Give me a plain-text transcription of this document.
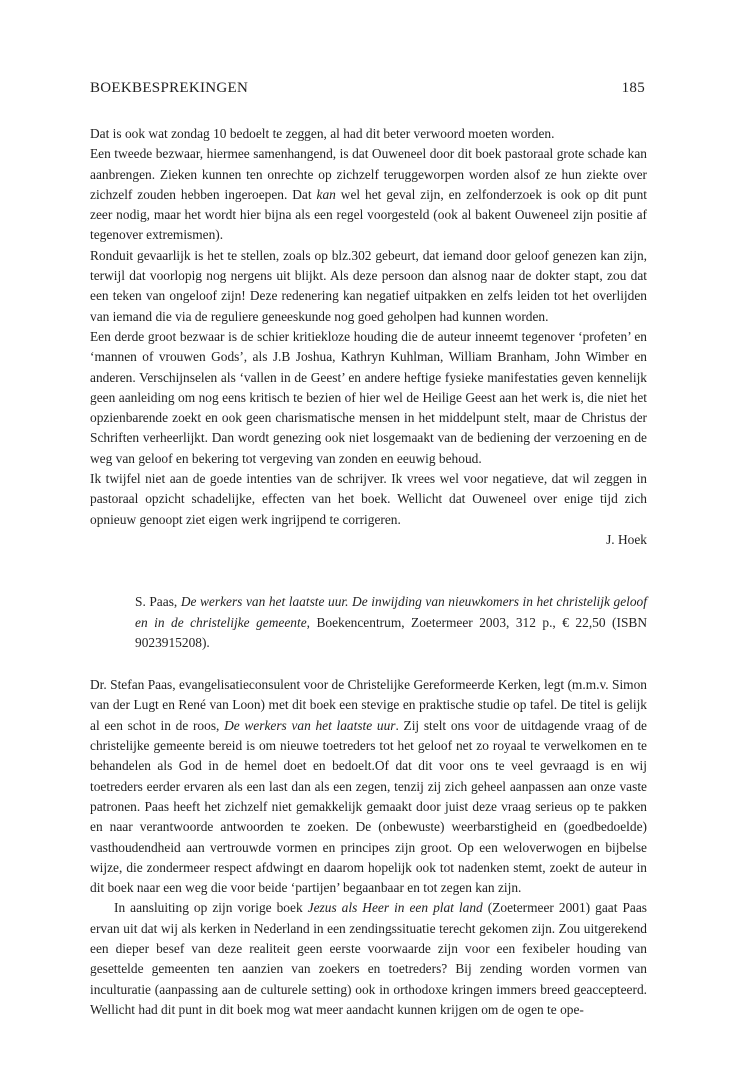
BOEKBESPREKINGEN	185

Dat is ook wat zondag 10 bedoelt te zeggen, al had dit beter verwoord moeten worden.

Een tweede bezwaar, hiermee samenhangend, is dat Ouweneel door dit boek pastoraal grote schade kan aanbrengen. Zieken kunnen ten onrechte op zichzelf teruggeworpen worden alsof ze hun ziekte over zichzelf zouden hebben ingeroepen. Dat kan wel het geval zijn, en zelfonderzoek is ook op dit punt zeer nodig, maar het wordt hier bijna als een regel voorgesteld (ook al bakent Ouweneel zijn positie af tegenover extremismen).

Ronduit gevaarlijk is het te stellen, zoals op blz.302 gebeurt, dat iemand door geloof genezen kan zijn, terwijl dat voorlopig nog nergens uit blijkt. Als deze persoon dan alsnog naar de dokter stapt, zou dat een teken van ongeloof zijn! Deze redenering kan negatief uitpakken en zelfs leiden tot het overlijden van iemand die via de reguliere geneeskunde nog goed geholpen had kunnen worden.

Een derde groot bezwaar is de schier kritiekloze houding die de auteur inneemt tegenover ‘profeten’ en ‘mannen of vrouwen Gods’, als J.B Joshua, Kathryn Kuhlman, William Branham, John Wimber en anderen. Verschijnselen als ‘vallen in de Geest’ en andere heftige fysieke manifestaties geven kennelijk geen aanleiding om nog eens kritisch te bezien of hier wel de Heilige Geest aan het werk is, die niet het opzienbarende zoekt en ook geen charismatische mensen in het middelpunt stelt, maar de Christus der Schriften verheerlijkt. Dan wordt genezing ook niet losgemaakt van de bediening der verzoening en de weg van geloof en bekering tot vergeving van zonden en eeuwig behoud.

Ik twijfel niet aan de goede intenties van de schrijver. Ik vrees wel voor negatieve, dat wil zeggen in pastoraal opzicht schadelijke, effecten van het boek. Wellicht dat Ouweneel over enige tijd zich opnieuw genoopt ziet eigen werk ingrijpend te corrigeren.

J. Hoek

S. Paas, De werkers van het laatste uur. De inwijding van nieuwkomers in het christelijk geloof en in de christelijke gemeente, Boekencentrum, Zoetermeer 2003, 312 p., € 22,50 (ISBN 9023915208).

Dr. Stefan Paas, evangelisatieconsulent voor de Christelijke Gereformeerde Kerken, legt (m.m.v. Simon van der Lugt en René van Loon) met dit boek een stevige en praktische studie op tafel. De titel is gelijk al een schot in de roos, De werkers van het laatste uur. Zij stelt ons voor de uitdagende vraag of de christelijke gemeente bereid is om nieuwe toetreders tot het geloof net zo royaal te verwelkomen en te behandelen als God in de hemel doet en bedoelt.Of dat dit voor ons te veel gevraagd is en wij toetreders eerder ervaren als een last dan als een zegen, tenzij zij zich geheel aanpassen aan onze vaste patronen. Paas heeft het zichzelf niet gemakkelijk gemaakt door juist deze vraag serieus op te pakken en naar verantwoorde antwoorden te zoeken. De (onbewuste) weerbarstigheid en (goedbedoelde) vasthoudendheid aan vertrouwde vormen en principes zijn groot. Op een weloverwogen en bijbelse wijze, die zondermeer respect afdwingt en daarom hopelijk ook tot nadenken stemt, zoekt de auteur in dit boek naar een weg die voor beide ‘partijen’ begaanbaar en tot zegen kan zijn.

In aansluiting op zijn vorige boek Jezus als Heer in een plat land (Zoetermeer 2001) gaat Paas ervan uit dat wij als kerken in Nederland in een zendingssituatie terecht gekomen zijn. Zou uitgerekend een dieper besef van deze realiteit geen eerste voorwaarde zijn voor een fexibeler houding van gesettelde gemeenten ten aanzien van zoekers en toetreders? Bij zending worden vormen van inculturatie (aanpassing aan de culturele setting) ook in orthodoxe kringen immers breed geaccepteerd. Wellicht had dit punt in dit boek mog wat meer aandacht kunnen krijgen om de ogen te ope-
